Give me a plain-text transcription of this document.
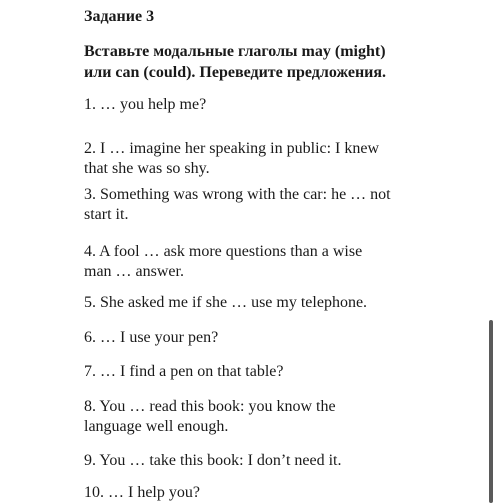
Задание 3
Вставьте модальные глаголы may (might)
или can (could). Переведите предложения.
1. … you help me?
2. I … imagine her speaking in public: I knew
that she was so shy.
3. Something was wrong with the car: he … not
start it.
4. A fool … ask more questions than a wise
man … answer.
5. She asked me if she … use my telephone.
6. … I use your pen?
7. … I find a pen on that table?
8. You … read this book: you know the
language well enough.
9. You … take this book: I don’t need it.
10. … I help you?
